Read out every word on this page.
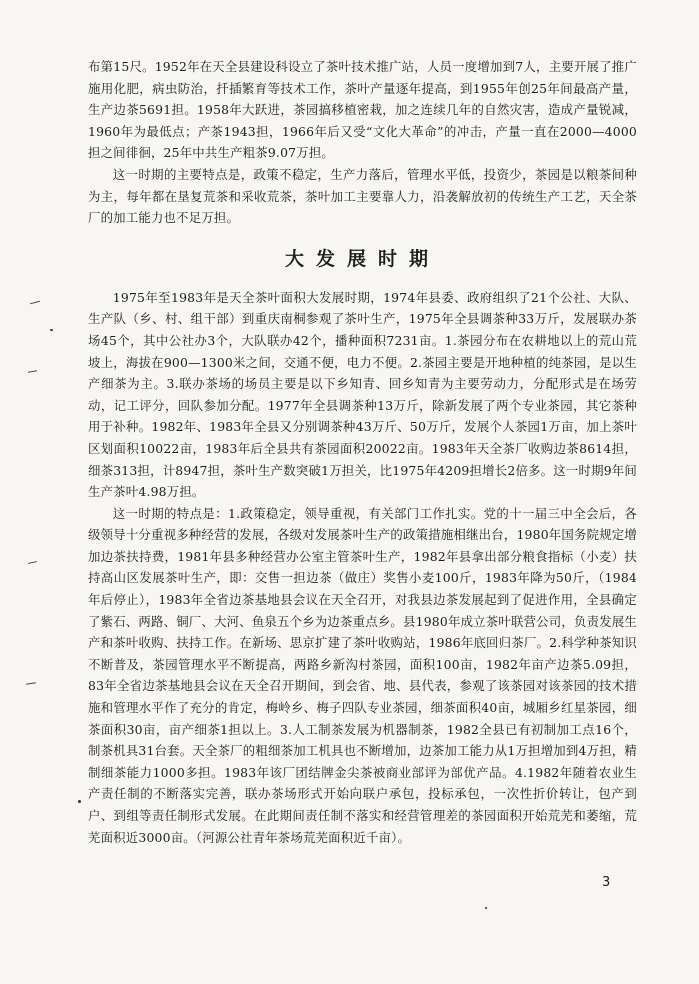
布第15尺。1952年在天全县建设科设立了茶叶技术推广站，人员一度增加到7人，主要开展了推广施用化肥，病虫防治，扦插繁育等技术工作，茶叶产量逐年提高，到1955年创25年间最高产量，生产边茶5691担。1958年大跃进，茶园搞移植密栽，加之连续几年的自然灾害，造成产量锐减，1960年为最低点；产茶1943担，1966年后又受“文化大革命”的冲击，产量一直在2000—4000担之间徘徊，25年中共生产粗茶9.07万担。

这一时期的主要特点是，政策不稳定，生产力落后，管理水平低，投资少，茶园是以粮茶间种为主，每年都在垦复荒茶和采收荒茶，茶叶加工主要靠人力，沿袭解放初的传统生产工艺，天全茶厂的加工能力也不足万担。

大发展时期

1975年至1983年是天全茶叶面积大发展时期，1974年县委、政府组织了21个公社、大队、生产队（乡、村、组干部）到重庆南桐参观了茶叶生产，1975年全县调茶种33万斤，发展联办茶场45个，其中公社办3个，大队联办42个，播种面积7231亩。1.茶园分布在农耕地以上的荒山荒坡上，海拔在900—1300米之间，交通不便，电力不便。2.茶园主要是开地种植的纯茶园，是以生产细茶为主。3.联办茶场的场员主要是以下乡知青、回乡知青为主要劳动力，分配形式是在场劳动，记工评分，回队参加分配。1977年全县调茶种13万斤，除新发展了两个专业茶园，其它茶种用于补种。1982年、1983年全县又分别调茶种43万斤、50万斤，发展个人茶园1万亩，加上茶叶区划面积10022亩，1983年后全县共有茶园面积20022亩。1983年天全茶厂收购边茶8614担，细茶313担，计8947担，茶叶生产数突破1万担关，比1975年4209担增长2倍多。这一时期9年间生产茶叶4.98万担。

这一时期的特点是：1.政策稳定，领导重视，有关部门工作扎实。党的十一届三中全会后，各级领导十分重视多种经营的发展，各级对发展茶叶生产的政策措施相继出台，1980年国务院规定增加边茶扶持费，1981年县多种经营办公室主管茶叶生产，1982年县拿出部分粮食指标（小麦）扶持高山区发展茶叶生产，即：交售一担边茶（做庄）奖售小麦100斤，1983年降为50斤，（1984年后停止），1983年全省边茶基地县会议在天全召开，对我县边茶发展起到了促进作用，全县确定了紫石、两路、铜厂、大河、鱼泉五个乡为边茶重点乡。县1980年成立茶叶联营公司，负责发展生产和茶叶收购、扶持工作。在新场、思京扩建了茶叶收购站，1986年底回归茶厂。2.科学种茶知识不断普及，茶园管理水平不断提高，两路乡新沟村茶园，面积100亩，1982年亩产边茶5.09担，83年全省边茶基地县会议在天全召开期间，到会省、地、县代表，参观了该茶园对该茶园的技术措施和管理水平作了充分的肯定，梅岭乡、梅子四队专业茶园，细茶面积40亩，城厢乡红星茶园，细茶面积30亩，亩产细茶1担以上。3.人工制茶发展为机器制茶，1982全县已有初制加工点16个，制茶机具31台套。天全茶厂的粗细茶加工机具也不断增加，边茶加工能力从1万担增加到4万担，精制细茶能力1000多担。1983年该厂团结牌金尖茶被商业部评为部优产品。4.1982年随着农业生产责任制的不断落实完善，联办茶场形式开始向联户承包，投标承包，一次性折价转让，包产到户、到组等责任制形式发展。在此期间责任制不落实和经营管理差的茶园面积开始荒芜和萎缩，荒芜面积近3000亩。（河源公社青年茶场荒芜面积近千亩）。

3
